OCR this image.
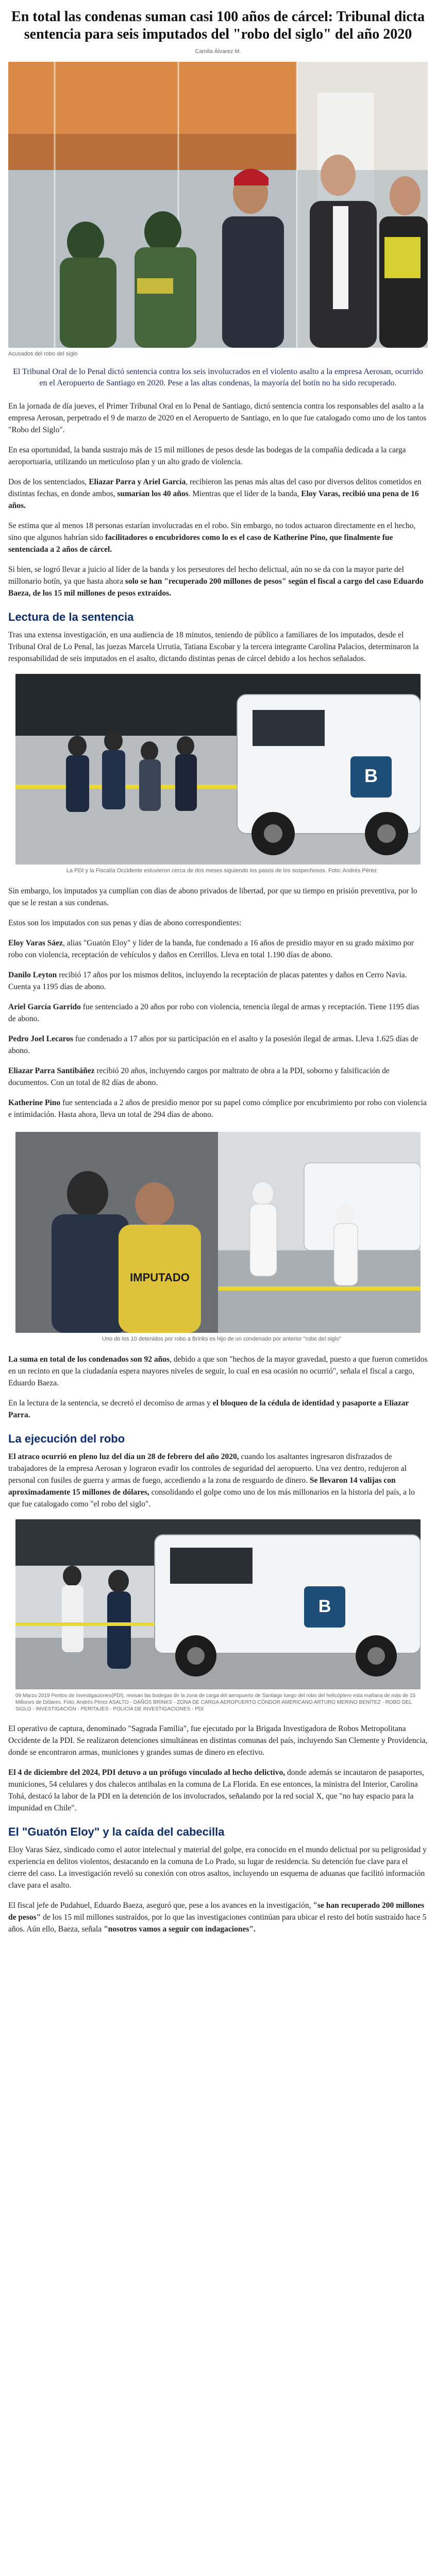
En total las condenas suman casi 100 años de cárcel: Tribunal dicta sentencia para seis imputados del "robo del siglo" del año 2020
Camila Álvarez M.
Acusados del robo del siglo
El Tribunal Oral de lo Penal dictó sentencia contra los seis involucrados en el violento asalto a la empresa Aerosan, ocurrido en el Aeropuerto de Santiago en 2020. Pese a las altas condenas, la mayoría del botín no ha sido recuperado.

En la jornada de día jueves, el Primer Tribunal Oral en lo Penal de Santiago, dictó sentencia contra los responsables del asalto a la empresa Aerosan, perpetrado el 9 de marzo de 2020 en el Aeropuerto de Santiago, en lo que fue catalogado como uno de los tantos "Robo del Siglo".

En esa oportunidad, la banda sustrajo más de 15 mil millones de pesos desde las bodegas de la compañía dedicada a la carga aeroportuaria, utilizando un meticuloso plan y un alto grado de violencia.

Dos de los sentenciados, Eliazar Parra y Ariel García, recibieron las penas más altas del caso por diversos delitos cometidos en distintas fechas, en donde ambos, sumarían los 40 años. Mientras que el líder de la banda, Eloy Varas, recibió una pena de 16 años.

Se estima que al menos 18 personas estarían involucradas en el robo. Sin embargo, no todos actuaron directamente en el hecho, sino que algunos habrían sido facilitadores o encubridores como lo es el caso de Katherine Pino, que finalmente fue sentenciada a 2 años de cárcel.

Si bien, se logró llevar a juicio al líder de la banda y los perseutores del hecho delictual, aún no se da con la mayor parte del millonario botín, ya que hasta ahora solo se han "recuperado 200 millones de pesos" según el fiscal a cargo del caso Eduardo Baeza, de los 15 mil millones de pesos extraídos.

Lectura de la sentencia

Tras una extensa investigación, en una audiencia de 18 minutos, teniendo de público a familiares de los imputados, desde el Tribunal Oral de Lo Penal, las juezas Marcela Urrutia, Tatiana Escobar y la tercera integrante Carolina Palacios, determinaron la responsabilidad de seis imputados en el asalto, dictando distintas penas de cárcel debido a los hechos señalados.

B
La PDI y la Fiscalía Occidente estuvieron cerca de dos meses siguiendo los pasos de los sospechosos. Foto: Andrés Pérez

Sin embargo, los imputados ya cumplían con días de abono privados de libertad, por que su tiempo en prisión preventiva, por lo que se le restan a sus condenas.

Estos son los imputados con sus penas y días de abono correspondientes:

Eloy Varas Sáez, alias "Guatón Eloy" y líder de la banda, fue condenado a 16 años de presidio mayor en su grado máximo por robo con violencia, receptación de vehículos y daños en Cerrillos. Lleva en total 1.190 días de abono.

Danilo Leyton recibió 17 años por los mismos delitos, incluyendo la receptación de placas patentes y daños en Cerro Navia. Cuenta ya 1195 días de abono.

Ariel García Garrido fue sentenciado a 20 años por robo con violencia, tenencia ilegal de armas y receptación. Tiene 1195 días de abono.

Pedro Joel Lecaros fue condenado a 17 años por su participación en el asalto y la posesión ilegal de armas. Lleva 1.625 días de abono.

Eliazar Parra Santibáñez recibió 20 años, incluyendo cargos por maltrato de obra a la PDI, soborno y falsificación de documentos. Con un total de 82 días de abono.

Katherine Pino fue sentenciada a 2 años de presidio menor por su papel como cómplice por encubrimiento por robo con violencia e intimidación. Hasta ahora, lleva un total de 294 días de abono.

IMPUTADO
Uno de los 10 detenidos por robo a Brinks es hijo de un condenado por anterior "robo del siglo"

La suma en total de los condenados son 92 años, debido a que son "hechos de la mayor gravedad, puesto a que fueron cometidos en un recinto en que la ciudadanía espera mayores niveles de seguir, lo cual en esa ocasión no ocurrió", señala el fiscal a cargo, Eduardo Baeza.

En la lectura de la sentencia, se decretó el decomiso de armas y el bloqueo de la cédula de identidad y pasaporte a Eliazar Parra.

La ejecución del robo

El atraco ocurrió en pleno luz del día un 28 de febrero del año 2020, cuando los asaltantes ingresaron disfrazados de trabajadores de la empresa Aerosan y lograron evadir los controles de seguridad del aeropuerto. Una vez dentro, redujeron al personal con fusiles de guerra y armas de fuego, accediendo a la zona de resguardo de dinero. Se llevaron 14 valijas con aproximadamente 15 millones de dólares, consolidando el golpe como uno de los más millonarios en la historia del país, a lo que fue catalogado como "el robo del siglo".

B
09 Marzo 2019 Peritos de Investigaciones(PDI), revisan las bodegas de la zona de carga del aeropuerto de Santiago luego del robo del helicóptero esta mañana de más de 15 Millones de Dólares. Foto: Andrés Pérez ASALTO - DAÑOS BRINKS - ZONA DE CARGA AEROPUERTO CÓNDOR AMERICANO ARTURO MERINO BENÍTEZ - ROBO DEL SIGLO - INVESTIGACIÓN - PERITAJES - POLICÍA DE INVESTIGACIONES - PDI

El operativo de captura, denominado "Sagrada Familia", fue ejecutado por la Brigada Investigadora de Robos Metropolitana Occidente de la PDI. Se realizaron detenciones simultáneas en distintas comunas del país, incluyendo San Clemente y Providencia, donde se encontraron armas, municiones y grandes sumas de dinero en efectivo.

El 4 de diciembre del 2024, PDI detuvo a un prófugo vinculado al hecho delictivo, donde además se incautaron de pasaportes, municiones, 54 celulares y dos chalecos antibalas en la comuna de La Florida. En ese entonces, la ministra del Interior, Carolina Tohá, destacó la labor de la PDI en la detención de los involucrados, señalando por la red social X, que "no hay espacio para la impunidad en Chile".

El "Guatón Eloy" y la caída del cabecilla

Eloy Varas Sáez, sindicado como el autor intelectual y material del golpe, era conocido en el mundo delictual por su peligrosidad y experiencia en delitos violentos, destacando en la comuna de Lo Prado, su lugar de residencia. Su detención fue clave para el cierre del caso. La investigación reveló su conexión con otros asaltos, incluyendo un esquema de aduanas que facilitó información clave para el asalto.

El fiscal jefe de Pudahuel, Eduardo Baeza, aseguró que, pese a los avances en la investigación, "se han recuperado 200 millones de pesos" de los 15 mil millones sustraídos, por lo que las investigaciones continúan para ubicar el resto del botín sustraído hace 5 años. Aún ello, Baeza, señala "nosotros vamos a seguir con indagaciones".
